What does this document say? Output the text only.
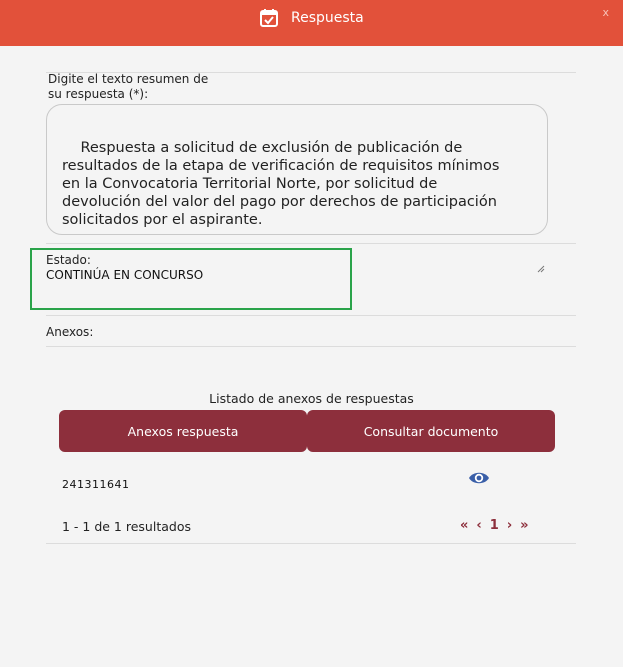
Respuesta	x
Digite el texto resumen de
su respuesta (*):

Respuesta a solicitud de exclusión de publicación de
resultados de la etapa de verificación de requisitos mínimos
en la Convocatoria Territorial Norte, por solicitud de
devolución del valor del pago por derechos de participación
solicitados por el aspirante.

Estado:
CONTINÚA EN CONCURSO
Anexos:
Listado de anexos de respuestas
Anexos respuesta	Consultar documento
241311641
1 - 1 de 1 resultados	« ‹ 1 › »
